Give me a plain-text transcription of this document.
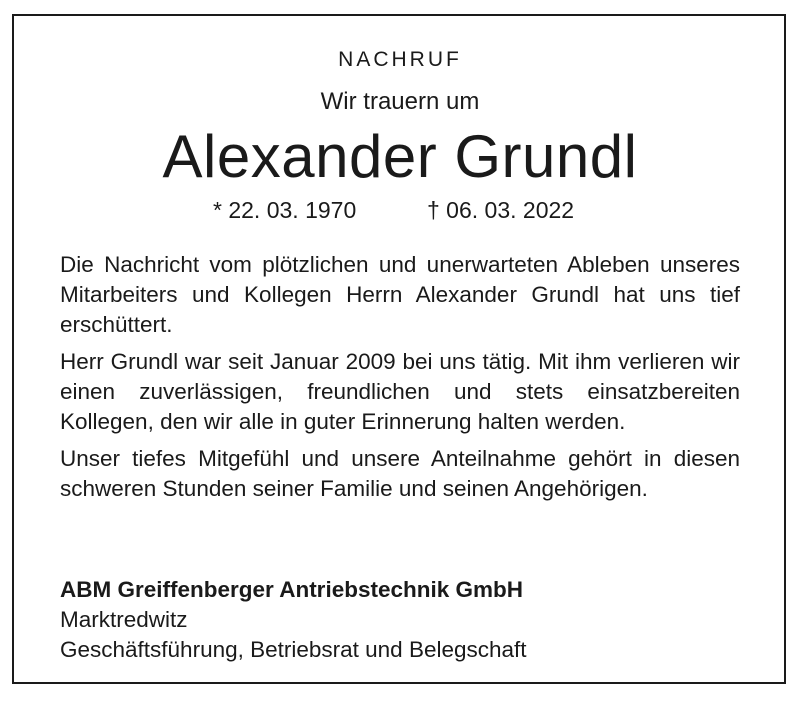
NACHRUF
Wir trauern um
Alexander Grundl
* 22. 03. 1970	† 06. 03. 2022

Die Nachricht vom plötzlichen und unerwarteten Ableben unseres Mitarbeiters und Kollegen Herrn Alexander Grundl hat uns tief erschüttert.

Herr Grundl war seit Januar 2009 bei uns tätig. Mit ihm verlieren wir einen zuverlässigen, freundlichen und stets einsatzbereiten Kollegen, den wir alle in guter Erinnerung halten werden.

Unser tiefes Mitgefühl und unsere Anteilnahme gehört in diesen schweren Stunden seiner Familie und seinen Angehörigen.

ABM Greiffenberger Antriebstechnik GmbH
Marktredwitz
Geschäftsführung, Betriebsrat und Belegschaft
